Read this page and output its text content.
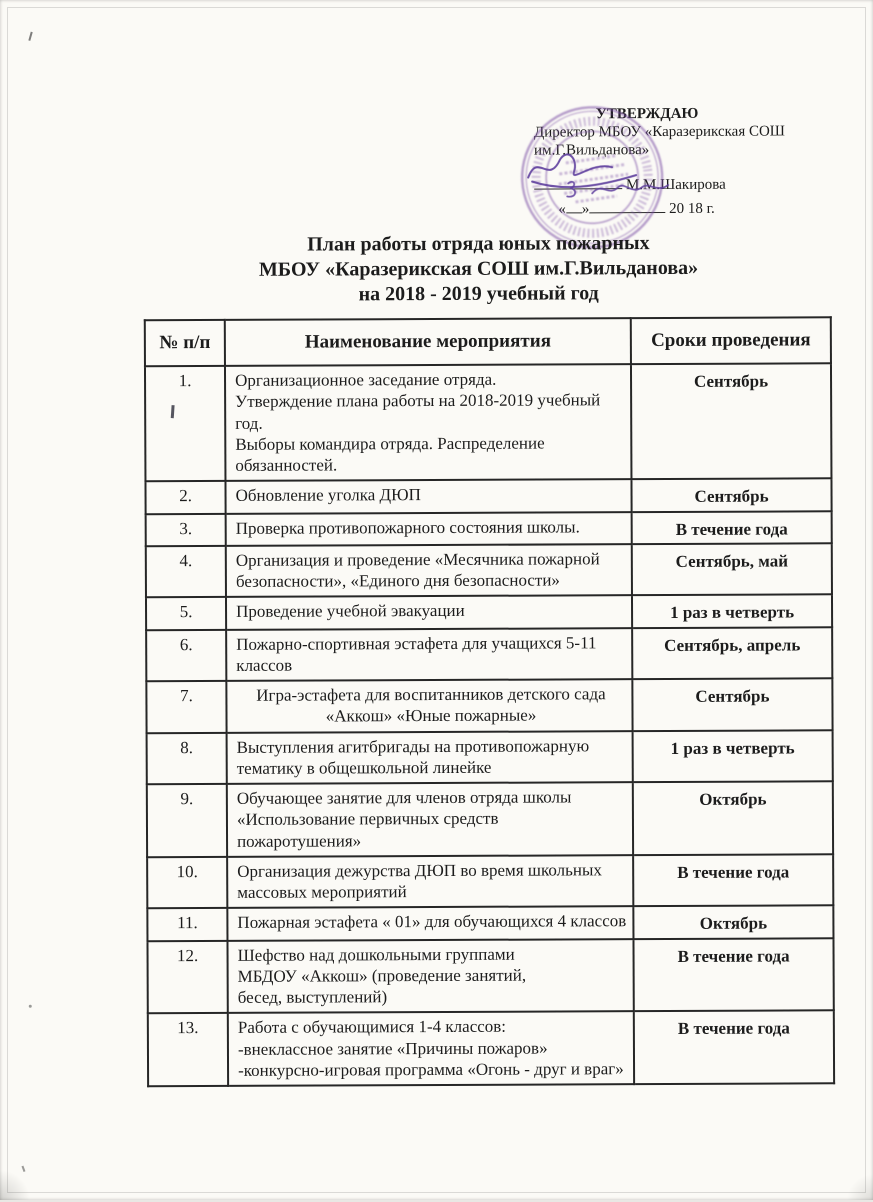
УТВЕРЖДАЮ
Директор МБОУ «Каразерикская СОШ
им.Г.Вильданова»
М.М.Шакирова
« »	20 18 г.
План работы отряда юных пожарных
МБОУ «Каразерикская СОШ им.Г.Вильданова»
на 2018 - 2019 учебный год
№ п/п	Наименование мероприятия	Сроки проведения
1.	Организационное заседание отряда.
Утверждение плана работы на 2018-2019 учебный год.
Выборы командира отряда. Распределение обязанностей.	Сентябрь
2.	Обновление уголка ДЮП	Сентябрь
3.	Проверка противопожарного состояния школы.	В течение года
4.	Организация и проведение «Месячника пожарной безопасности», «Единого дня безопасности»	Сентябрь, май
5.	Проведение учебной эвакуации	1 раз в четверть
6.	Пожарно-спортивная эстафета для учащихся 5-11 классов	Сентябрь, апрель
7.	Игра-эстафета для воспитанников детского сада «Аккош» «Юные пожарные»	Сентябрь
8.	Выступления агитбригады на противопожарную тематику в общешкольной линейке	1 раз в четверть
9.	Обучающее занятие для членов отряда школы «Использование первичных средств пожаротушения»	Октябрь
10.	Организация дежурства ДЮП во время школьных массовых мероприятий	В течение года
11.	Пожарная эстафета « 01» для обучающихся 4 классов	Октябрь
12.	Шефство над дошкольными группами
МБДОУ «Аккош» (проведение занятий,
бесед, выступлений)	В течение года
13.	Работа с обучающимися 1-4 классов:
-внеклассное занятие «Причины пожаров»
-конкурсно-игровая программа «Огонь - друг и враг»	В течение года
